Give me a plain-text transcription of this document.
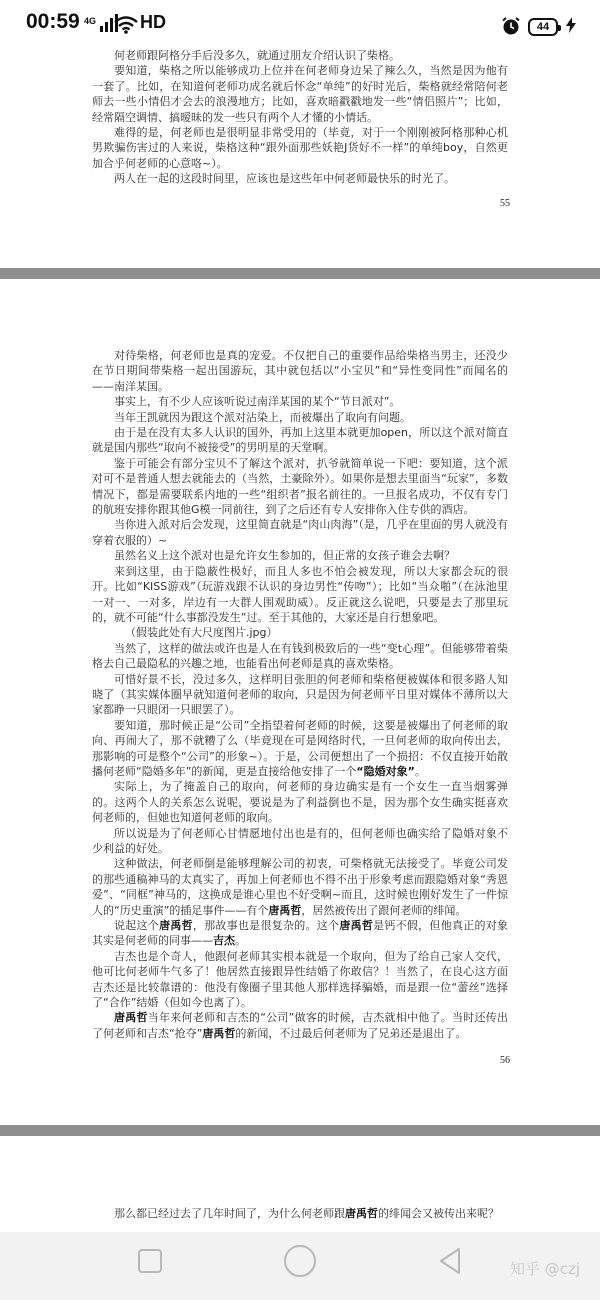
00:59 4G HD	44

何老师跟阿格分手后没多久，就通过朋友介绍认识了柴格。

要知道，柴格之所以能够成功上位并在何老师身边呆了辣么久，当然是因为他有一套了。比如，在知道何老师功成名就后怀念“单纯”的好时光后，柴格就经常陪何老师去一些小情侣才会去的浪漫地方；比如，喜欢暗戳戳地发一些“情侣照片”；比如，经常隔空调情、搞暧昧的发一些只有两个人才懂的小情话。

难得的是，何老师也是很明显非常受用的（毕竟，对于一个刚刚被阿格那种心机男欺骗伤害过的人来说，柴格这种“跟外面那些妖艳J货好不一样”的单纯boy，自然更加合乎何老师的心意咯~）。

两人在一起的这段时间里，应该也是这些年中何老师最快乐的时光了。

55

对待柴格，何老师也是真的宠爱。不仅把自己的重要作品给柴格当男主，还没少在节日期间带柴格一起出国游玩，其中就包括以“小宝贝”和“异性变同性”而闻名的——南洋某国。

事实上，有不少人应该听说过南洋某国的某个“节日派对”。

当年王凯就因为跟这个派对沾染上，而被爆出了取向有问题。

由于是在没有太多人认识的国外，再加上这里本就更加open，所以这个派对简直就是国内那些“取向不被接受”的男明星的天堂啊。

鉴于可能会有部分宝贝不了解这个派对，扒爷就简单说一下吧：要知道，这个派对可不是普通人想去就能去的（当然，土豪除外）。如果你是想去里面当“玩家”，多数情况下，都是需要联系内地的一些“组织者”报名前往的。一旦报名成功，不仅有专门的航班安排你跟其他G模一同前往，到了之后还有专人安排你入住专供的酒店。

当你进入派对后会发现，这里简直就是“肉山肉海”（是，几乎在里面的男人就没有穿着衣服的）~

虽然名义上这个派对也是允许女生参加的，但正常的女孩子谁会去啊？

来到这里，由于隐蔽性极好，而且人多也不怕会被发现，所以大家都会玩的很开。比如“KISS游戏”（玩游戏跟不认识的身边男性“传吻”）；比如“当众啪”（在泳池里一对一、一对多，岸边有一大群人围观助威）。反正就这么说吧，只要是去了那里玩的，就不可能“什么事都没发生”过。至于其他的，大家还是自行想象吧。

（假装此处有大尺度图片.jpg）

当然了，这样的做法或许也是人在有钱到极致后的一些“变t心理”。但能够带着柴格去自己最隐私的兴趣之地，也能看出何老师是真的喜欢柴格。

可惜好景不长，没过多久，这样明目张胆的何老师和柴格便被媒体和很多路人知晓了（其实媒体圈早就知道何老师的取向，只是因为何老师平日里对媒体不薄所以大家都睁一只眼闭一只眼罢了）。

要知道，那时候正是“公司”全指望着何老师的时候，这要是被爆出了何老师的取向、再闹大了，那不就糟了么（毕竟现在可是网络时代，一旦何老师的取向传出去，那影响的可是整个“公司”的形象~）。于是，公司便想出了一个损招：不仅直接开始散播何老师“隐婚多年”的新闻，更是直接给他安排了一个“隐婚对象”。

实际上，为了掩盖自己的取向，何老师的身边确实是有一个女生一直当烟雾弹的。这两个人的关系怎么说呢，要说是为了利益倒也不是，因为那个女生确实挺喜欢何老师的，但她也知道何老师的取向。

所以说是为了何老师心甘情愿地付出也是有的，但何老师也确实给了隐婚对象不少利益的好处。

这种做法，何老师倒是能够理解公司的初衷，可柴格就无法接受了。毕竟公司发的那些通稿神马的太真实了，再加上何老师也不得不出于形象考虑而跟隐婚对象“秀恩爱”、“同框”神马的，这换成是谁心里也不好受啊~而且，这时候也刚好发生了一件惊人的“历史重演”的插足事件——有个唐禹哲，居然被传出了跟何老师的绯闻。

说起这个唐禹哲，那故事也是很复杂的。这个唐禹哲是钙不假，但他真正的对象其实是何老师的同事——吉杰。

吉杰也是个奇人，他跟何老师其实根本就是一个取向，但为了给自己家人交代，他可比何老师牛气多了！他居然直接跟异性结婚了你敢信？！当然了，在良心这方面吉杰还是比较靠谱的：他没有像圈子里其他人那样选择骗婚，而是跟一位“蕾丝”选择了“合作”结婚（但如今也离了）。

唐禹哲当年来何老师和吉杰的“公司”做客的时候，吉杰就相中他了。当时还传出了何老师和吉杰“抢夺”唐禹哲的新闻，不过最后何老师为了兄弟还是退出了。

56

那么都已经过去了几年时间了，为什么何老师跟唐禹哲的绯闻会又被传出来呢？

知乎 @czj
